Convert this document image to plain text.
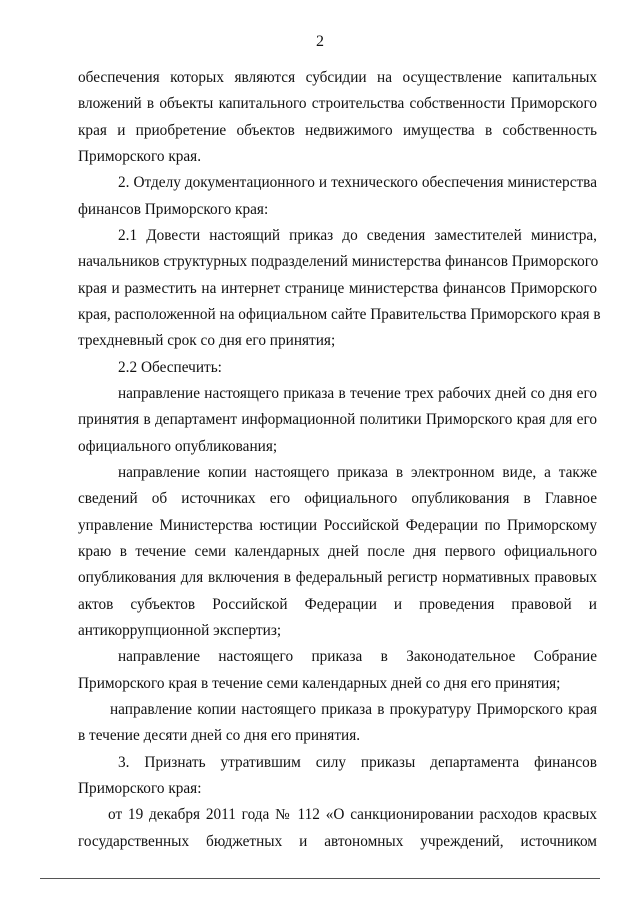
2
обеспечения которых являются субсидии на осуществление капитальных
вложений в объекты капитального строительства собственности Приморского
края и приобретение объектов недвижимого имущества в собственность
Приморского края.
2. Отделу документационного и технического обеспечения министерства
финансов Приморского края:
2.1 Довести настоящий приказ до сведения заместителей министра,
начальников структурных подразделений министерства финансов Приморского
края и разместить на интернет странице министерства финансов Приморского
края, расположенной на официальном сайте Правительства Приморского края в
трехдневный срок со дня его принятия;
2.2 Обеспечить:
направление настоящего приказа в течение трех рабочих дней со дня его
принятия в департамент информационной политики Приморского края для его
официального опубликования;
направление копии настоящего приказа в электронном виде, а также
сведений об источниках его официального опубликования в Главное
управление Министерства юстиции Российской Федерации по Приморскому
краю в течение семи календарных дней после дня первого официального
опубликования для включения в федеральный регистр нормативных правовых
актов субъектов Российской Федерации и проведения правовой и
антикоррупционной экспертиз;
направление настоящего приказа в Законодательное Собрание
Приморского края в течение семи календарных дней со дня его принятия;
направление копии настоящего приказа в прокуратуру Приморского края
в течение десяти дней со дня его принятия.
3. Признать утратившим силу приказы департамента финансов
Приморского края:
от 19 декабря 2011 года № 112 «О санкционировании расходов красвых
государственных бюджетных и автономных учреждений, источником
